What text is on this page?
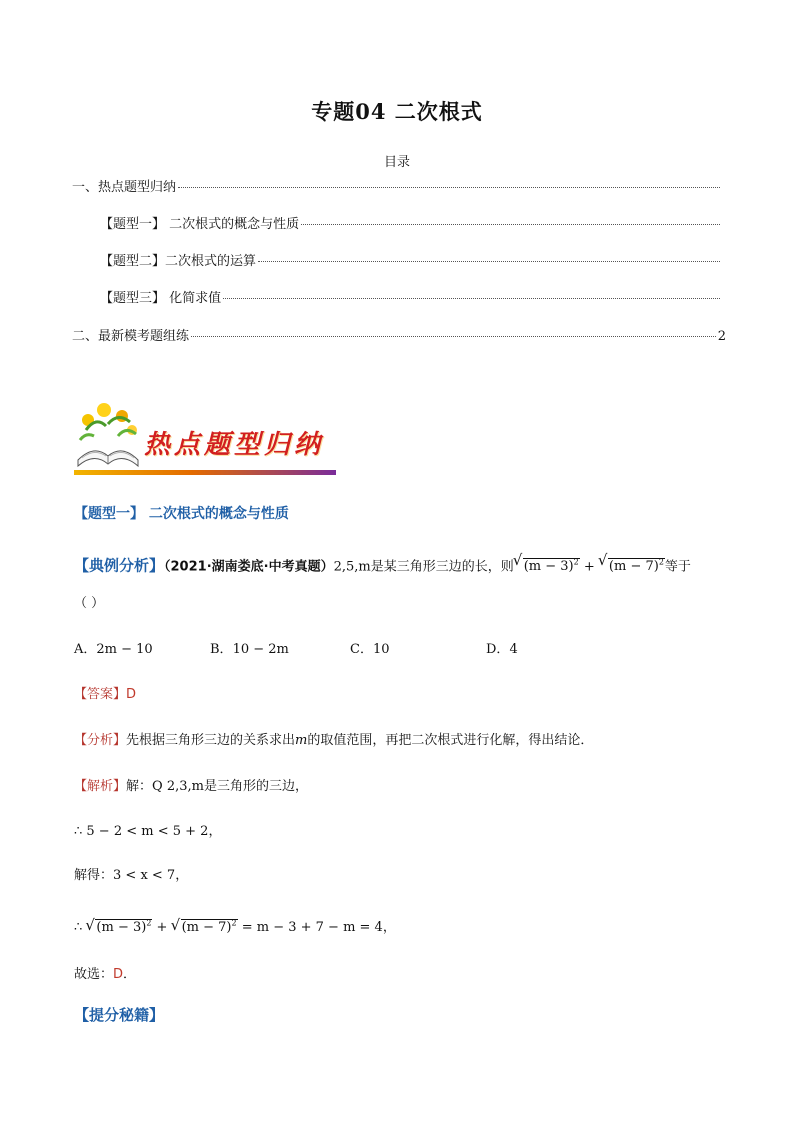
专题04 二次根式
目录
一、热点题型归纳
【题型一】 二次根式的概念与性质
【题型二】二次根式的运算
【题型三】 化简求值
二、最新模考题组练	2
热点题型归纳
【题型一】 二次根式的概念与性质
【典例分析】（2021·湖南娄底·中考真题）2,5,m是某三角形三边的长，则√ $(m - 3)^2$ + √ $(m - 7)^2$等于
（ ）
A．2m − 10	B．10 − 2m	C．10	D．4
【答案】D
【分析】先根据三角形三边的关系求出m的取值范围，再把二次根式进行化解，得出结论．
【解析】解：Q 2,3,m是三角形的三边，
∴ 5 − 2 < m < 5 + 2，
解得：3 < x < 7，
∴ √ $(m - 3)^2$ + √ $(m - 7)^2 = m - 3 + 7 - m = 4$，
故选：D．
【提分秘籍】
